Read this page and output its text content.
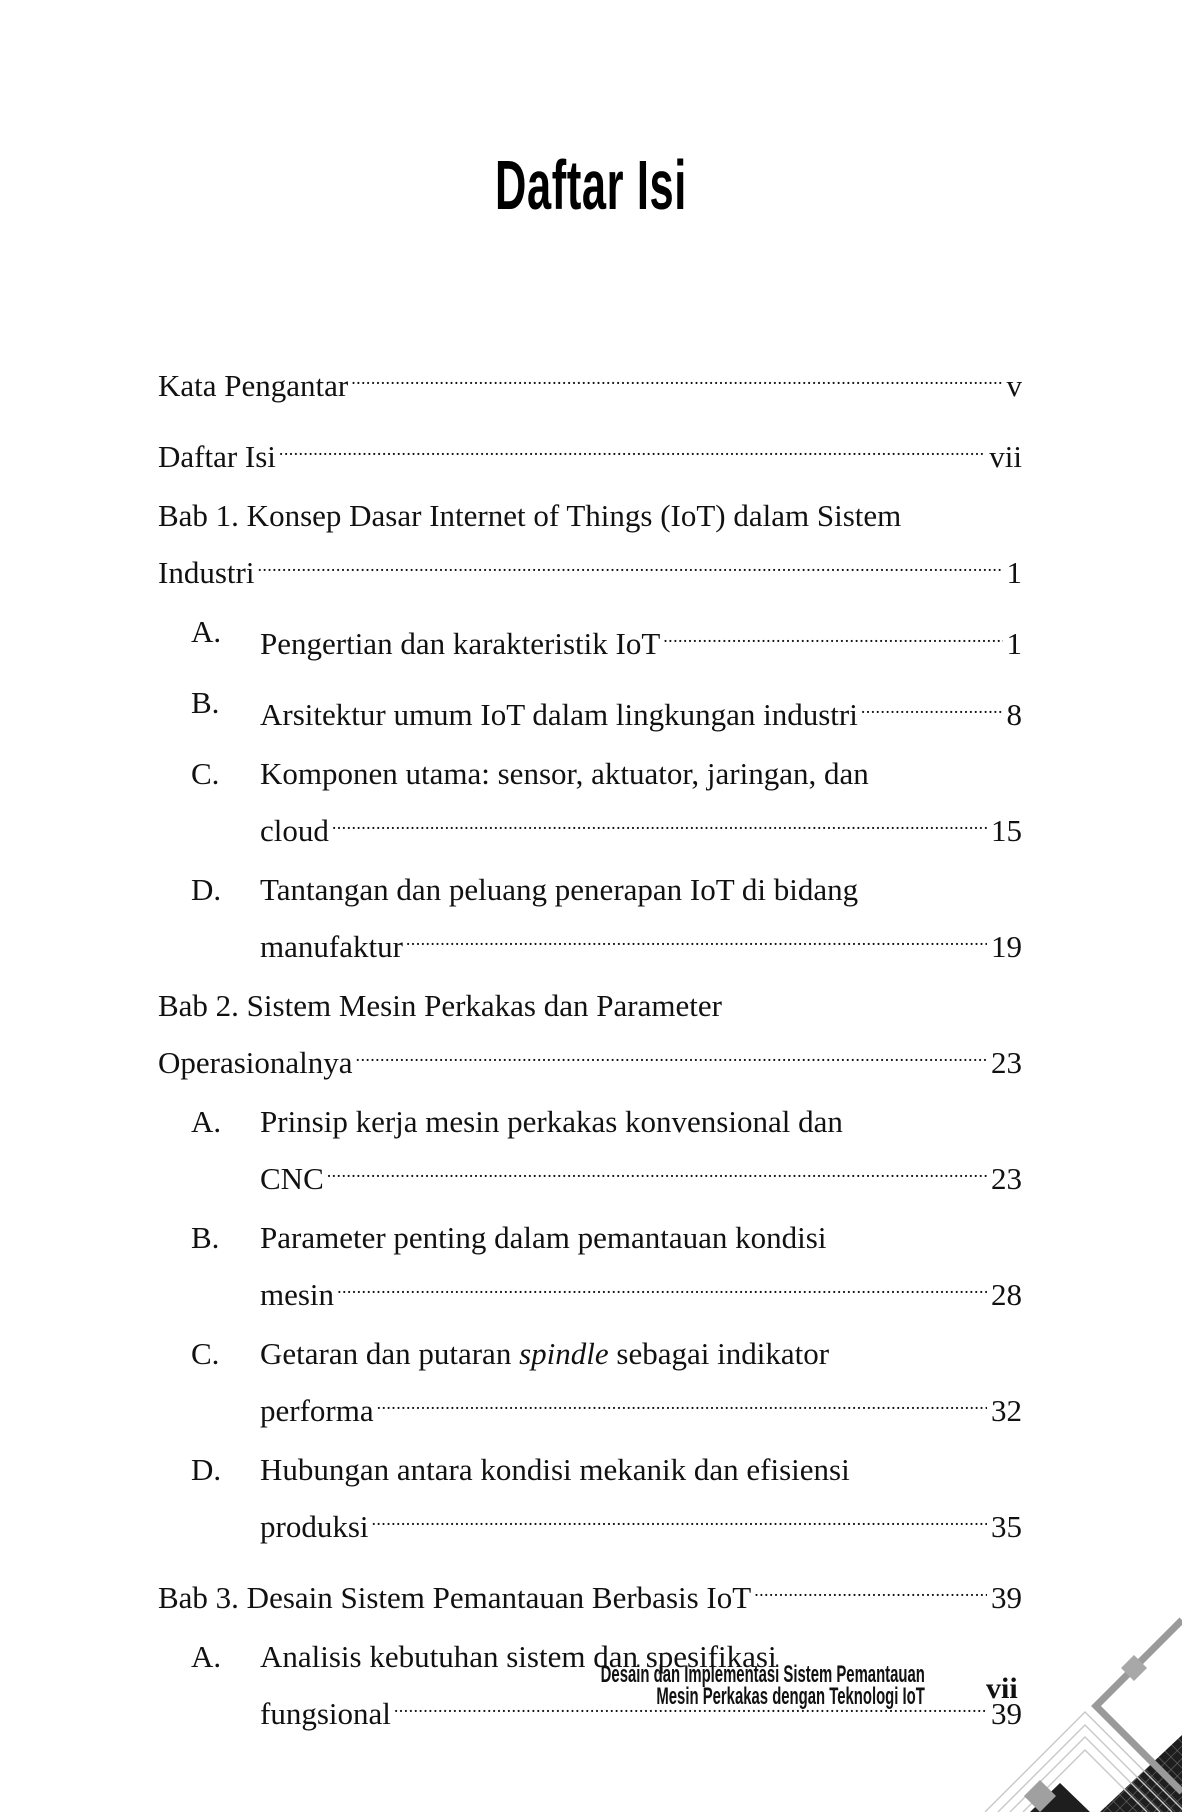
Daftar Isi
Kata Pengantar .....	v
Daftar Isi .....	vii
Bab 1. Konsep Dasar Internet of Things (IoT) dalam Sistem
Industri .....	1
A. Pengertian dan karakteristik IoT .....	1
B. Arsitektur umum IoT dalam lingkungan industri .....	8
C. Komponen utama: sensor, aktuator, jaringan, dan
cloud .....	15
D. Tantangan dan peluang penerapan IoT di bidang
manufaktur .....	19
Bab 2. Sistem Mesin Perkakas dan Parameter
Operasionalnya .....	23
A. Prinsip kerja mesin perkakas konvensional dan
CNC .....	23
B. Parameter penting dalam pemantauan kondisi
mesin .....	28
C. Getaran dan putaran spindle sebagai indikator
performa .....	32
D. Hubungan antara kondisi mekanik dan efisiensi
produksi .....	35
Bab 3. Desain Sistem Pemantauan Berbasis IoT .....	39
A. Analisis kebutuhan sistem dan spesifikasi
fungsional .....	39
Desain dan Implementasi Sistem Pemantauan
Mesin Perkakas dengan Teknologi IoT vii
